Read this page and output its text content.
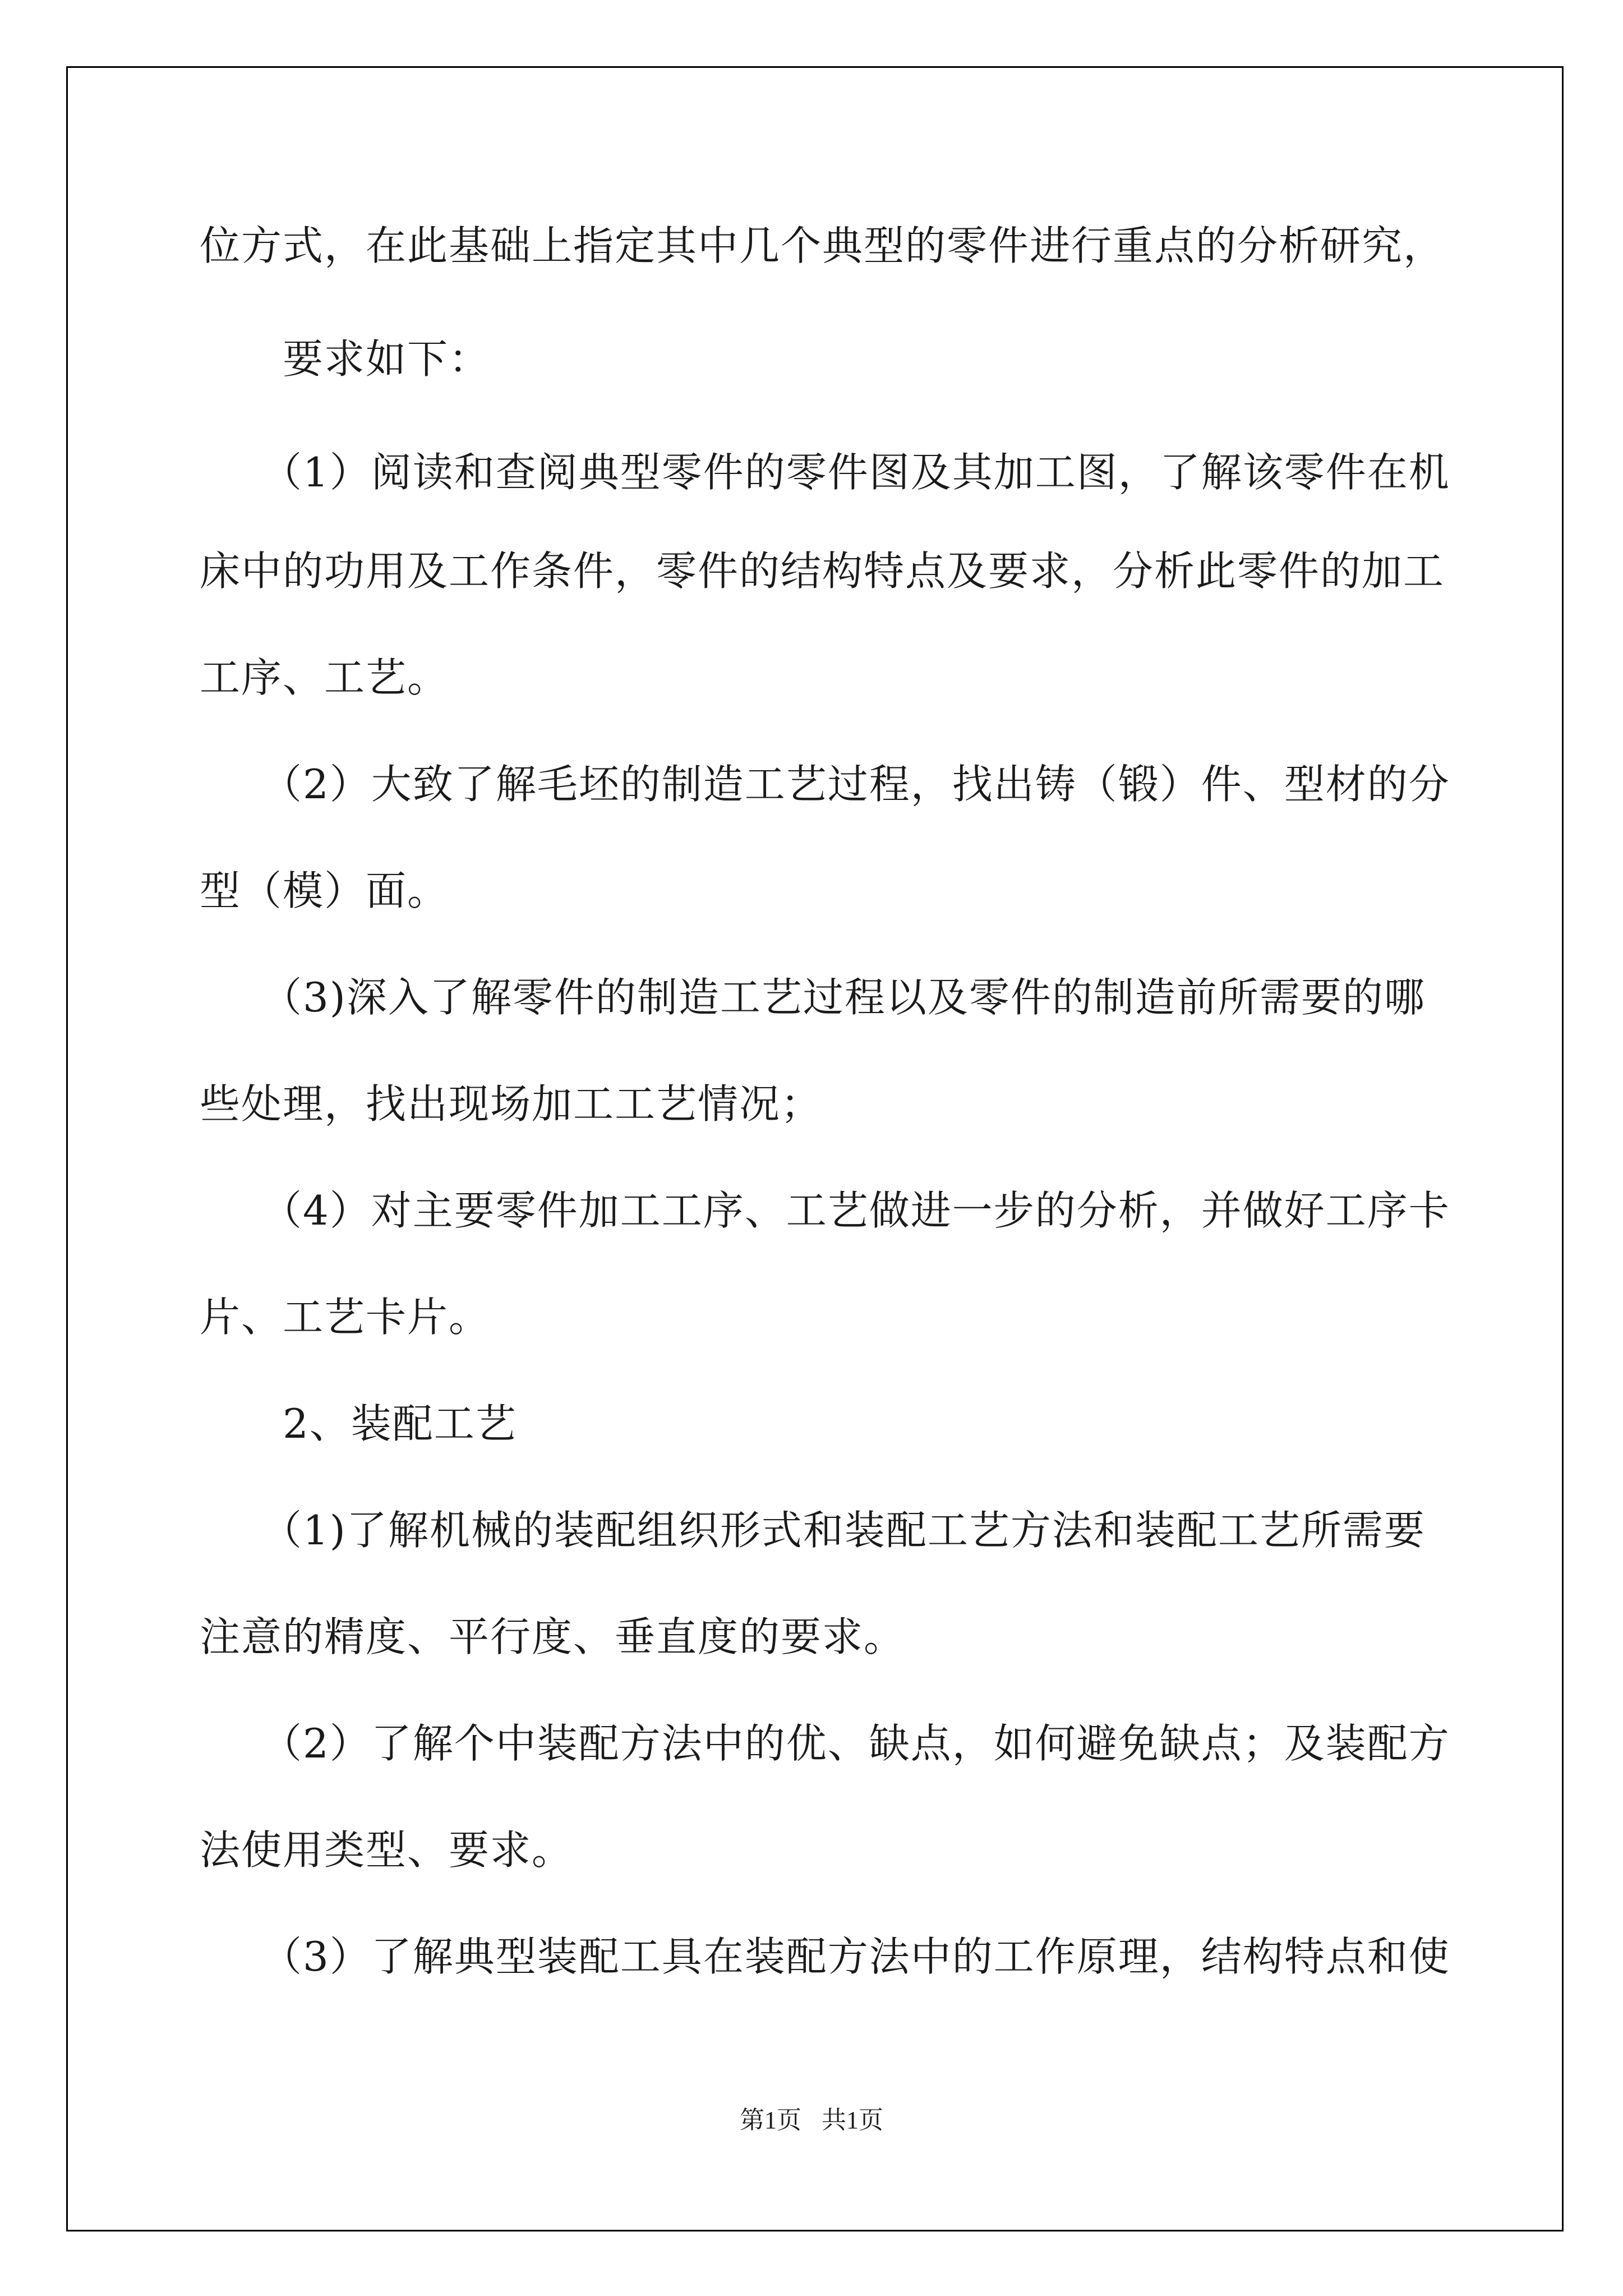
位方式，在此基础上指定其中几个典型的零件进行重点的分析研究，
要求如下：
（1）阅读和查阅典型零件的零件图及其加工图，了解该零件在机
床中的功用及工作条件，零件的结构特点及要求，分析此零件的加工
工序、工艺。
（2）大致了解毛坯的制造工艺过程，找出铸（锻）件、型材的分
型（模）面。
（3)深入了解零件的制造工艺过程以及零件的制造前所需要的哪
些处理，找出现场加工工艺情况；
（4）对主要零件加工工序、工艺做进一步的分析，并做好工序卡
片、工艺卡片。
2、装配工艺
（1)了解机械的装配组织形式和装配工艺方法和装配工艺所需要
注意的精度、平行度、垂直度的要求。
（2）了解个中装配方法中的优、缺点，如何避免缺点；及装配方
法使用类型、要求。
（3）了解典型装配工具在装配方法中的工作原理，结构特点和使
第1页 共1页
